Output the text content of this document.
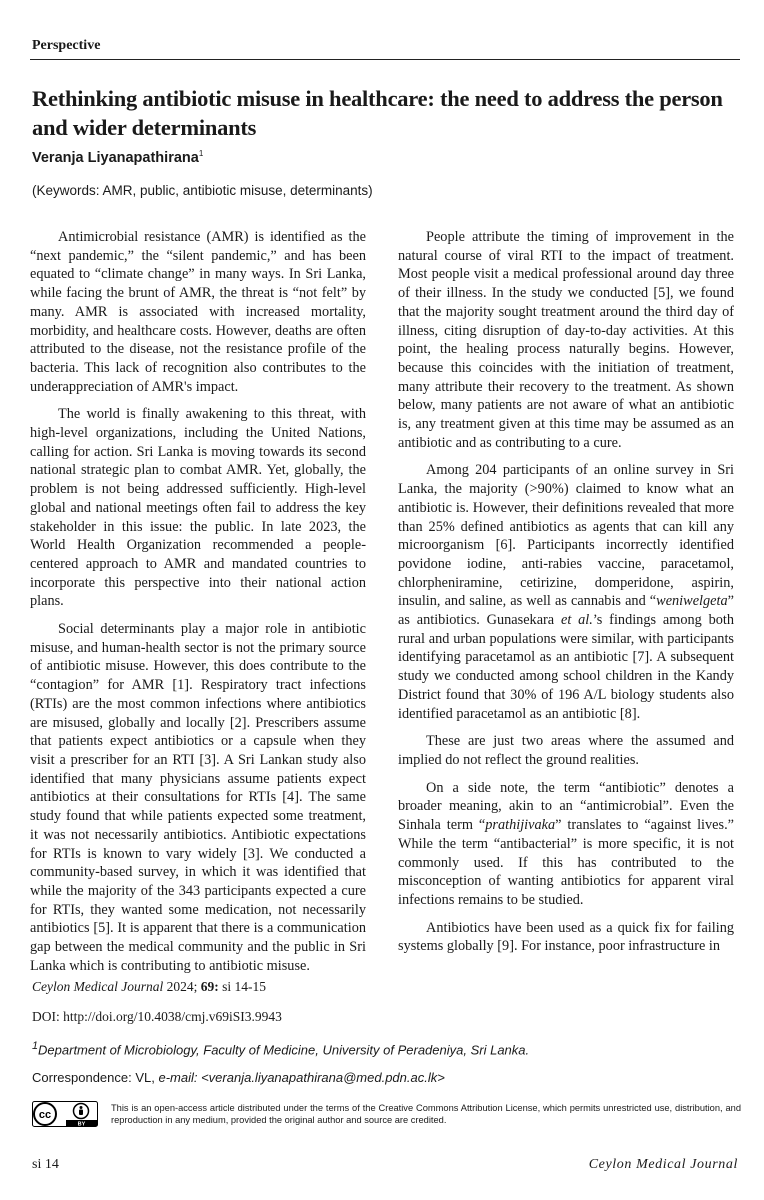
Perspective
Rethinking antibiotic misuse in healthcare: the need to address the person and wider determinants
Veranja Liyanapathirana$^1$
(Keywords: AMR, public, antibiotic misuse, determinants)

Antimicrobial resistance (AMR) is identified as the “next pandemic,” the “silent pandemic,” and has been equated to “climate change” in many ways. In Sri Lanka, while facing the brunt of AMR, the threat is “not felt” by many. AMR is associated with increased mortality, morbidity, and healthcare costs. However, deaths are often attributed to the disease, not the resistance profile of the bacteria. This lack of recognition also contributes to the underappreciation of AMR's impact.

The world is finally awakening to this threat, with high-level organizations, including the United Nations, calling for action. Sri Lanka is moving towards its second national strategic plan to combat AMR. Yet, globally, the problem is not being addressed sufficiently. High-level global and national meetings often fail to address the key stakeholder in this issue: the public. In late 2023, the World Health Organization recommended a people-centered approach to AMR and mandated countries to incorporate this perspective into their national action plans.

Social determinants play a major role in antibiotic misuse, and human-health sector is not the primary source of antibiotic misuse. However, this does contribute to the “contagion” for AMR [1]. Respiratory tract infections (RTIs) are the most common infections where antibiotics are misused, globally and locally [2]. Prescribers assume that patients expect antibiotics or a capsule when they visit a prescriber for an RTI [3]. A Sri Lankan study also identified that many physicians assume patients expect antibiotics at their consultations for RTIs [4]. The same study found that while patients expected some treatment, it was not necessarily antibiotics. Antibiotic expectations for RTIs is known to vary widely [3]. We conducted a community-based survey, in which it was identified that while the majority of the 343 participants expected a cure for RTIs, they wanted some medication, not necessarily antibiotics [5]. It is apparent that there is a communication gap between the medical community and the public in Sri Lanka which is contributing to antibiotic misuse.

People attribute the timing of improvement in the natural course of viral RTI to the impact of treatment. Most people visit a medical professional around day three of their illness. In the study we conducted [5], we found that the majority sought treatment around the third day of illness, citing disruption of day-to-day activities. At this point, the healing process naturally begins. However, because this coincides with the initiation of treatment, many attribute their recovery to the treatment. As shown below, many patients are not aware of what an antibiotic is, any treatment given at this time may be assumed as an antibiotic and as contributing to a cure.

Among 204 participants of an online survey in Sri Lanka, the majority (>90%) claimed to know what an antibiotic is. However, their definitions revealed that more than 25% defined antibiotics as agents that can kill any microorganism [6]. Participants incorrectly identified povidone iodine, anti-rabies vaccine, paracetamol, chlorpheniramine, cetirizine, domperidone, aspirin, insulin, and saline, as well as cannabis and “weniwelgeta” as antibiotics. Gunasekara et al.’s findings among both rural and urban populations were similar, with participants identifying paracetamol as an antibiotic [7]. A subsequent study we conducted among school children in the Kandy District found that 30% of 196 A/L biology students also identified paracetamol as an antibiotic [8].

These are just two areas where the assumed and implied do not reflect the ground realities.

On a side note, the term “antibiotic” denotes a broader meaning, akin to an “antimicrobial”. Even the Sinhala term “prathijivaka” translates to “against lives.” While the term “antibacterial” is more specific, it is not commonly used. If this has contributed to the misconception of wanting antibiotics for apparent viral infections remains to be studied.

Antibiotics have been used as a quick fix for failing systems globally [9]. For instance, poor infrastructure in

Ceylon Medical Journal 2024; 69: si 14-15
DOI: http://doi.org/10.4038/cmj.v69iSI3.9943
$^1$Department of Microbiology, Faculty of Medicine, University of Peradeniya, Sri Lanka.
Correspondence: VL, e-mail: <veranja.liyanapathirana@med.pdn.ac.lk>
cc
BY
This is an open-access article distributed under the terms of the Creative Commons Attribution License, which permits unrestricted use, distribution, and reproduction in any medium, provided the original author and source are credited.
si 14	Ceylon Medical Journal
